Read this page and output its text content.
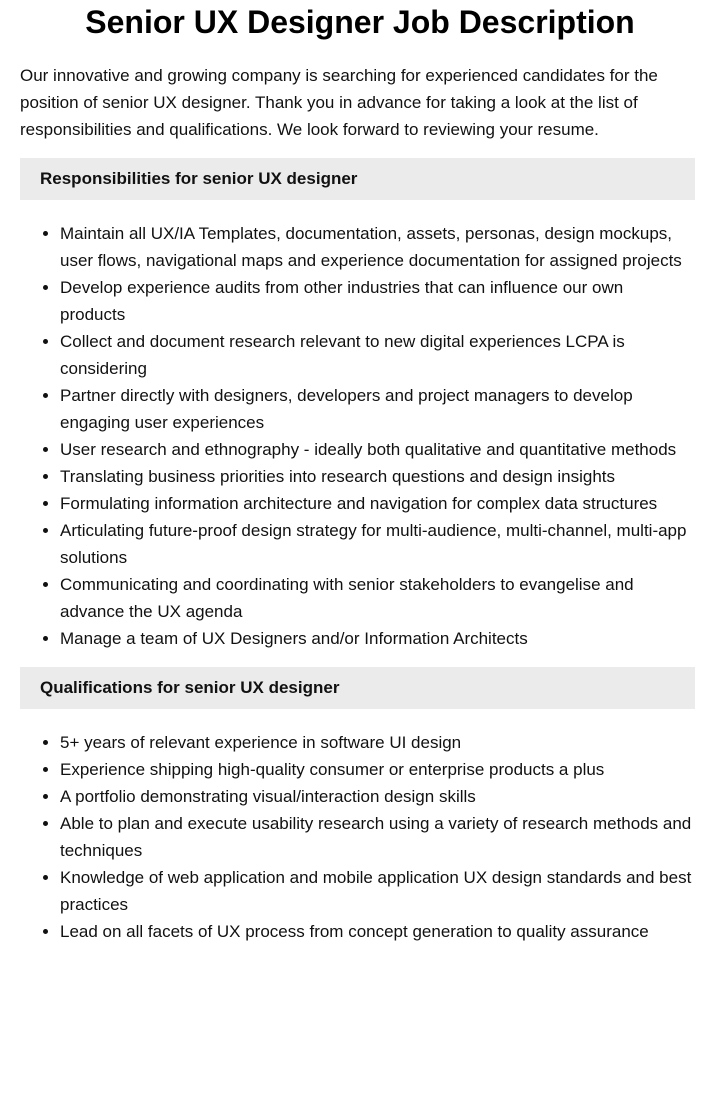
Senior UX Designer Job Description

Our innovative and growing company is searching for experienced candidates for the position of senior UX designer. Thank you in advance for taking a look at the list of responsibilities and qualifications. We look forward to reviewing your resume.

Responsibilities for senior UX designer
• Maintain all UX/IA Templates, documentation, assets, personas, design mockups, user flows, navigational maps and experience documentation for assigned projects
• Develop experience audits from other industries that can influence our own products
• Collect and document research relevant to new digital experiences LCPA is considering
• Partner directly with designers, developers and project managers to develop engaging user experiences
• User research and ethnography - ideally both qualitative and quantitative methods
• Translating business priorities into research questions and design insights
• Formulating information architecture and navigation for complex data structures
• Articulating future-proof design strategy for multi-audience, multi-channel, multi-app solutions
• Communicating and coordinating with senior stakeholders to evangelise and advance the UX agenda
• Manage a team of UX Designers and/or Information Architects
Qualifications for senior UX designer
• 5+ years of relevant experience in software UI design
• Experience shipping high-quality consumer or enterprise products a plus
• A portfolio demonstrating visual/interaction design skills
• Able to plan and execute usability research using a variety of research methods and techniques
• Knowledge of web application and mobile application UX design standards and best practices
• Lead on all facets of UX process from concept generation to quality assurance
